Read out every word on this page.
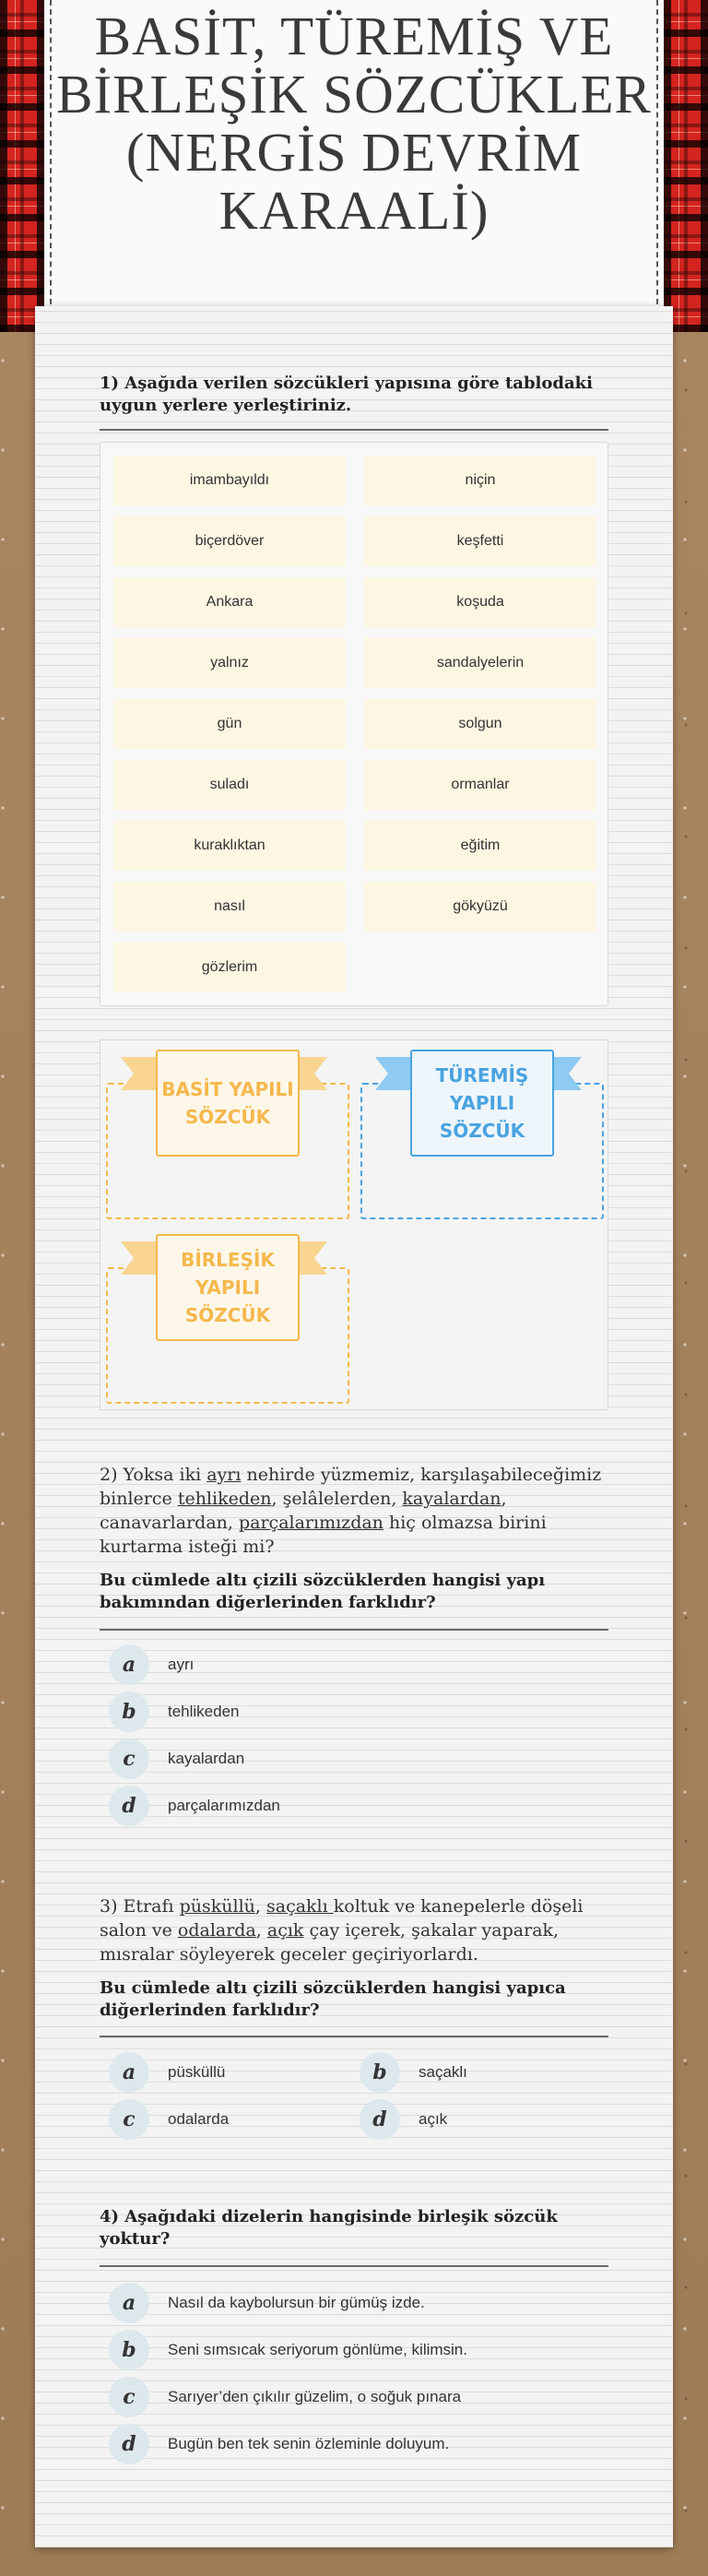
BASİT, TÜREMİŞ VE BİRLEŞİK SÖZCÜKLER (NERGİS DEVRİM KARAALİ)
1) Aşağıda verilen sözcükleri yapısına göre tablodaki uygun yerlere yerleştiriniz.
imambayıldı	niçin
biçerdöver	keşfetti
Ankara	koşuda
yalnız	sandalyelerin
gün	solgun
suladı	ormanlar
kuraklıktan	eğitim
nasıl	gökyüzü
gözlerim
BASİT YAPILI SÖZCÜK
TÜREMİŞ YAPILI SÖZCÜK
BİRLEŞİK YAPILI SÖZCÜK
2) Yoksa iki ayrı nehirde yüzmemiz, karşılaşabileceğimiz binlerce tehlikeden, şelâlelerden, kayalardan, canavarlardan, parçalarımızdan hiç olmazsa birini kurtarma isteği mi?
Bu cümlede altı çizili sözcüklerden hangisi yapı bakımından diğerlerinden farklıdır?
a	ayrı
b	tehlikeden
c	kayalardan
d	parçalarımızdan
3) Etrafı püsküllü, saçaklı koltuk ve kanepelerle döşeli salon ve odalarda, açık çay içerek, şakalar yaparak, mısralar söyleyerek geceler geçiriyorlardı.
Bu cümlede altı çizili sözcüklerden hangisi yapıca diğerlerinden farklıdır?
a	püsküllü	b	saçaklı
c	odalarda	d	açık
4) Aşağıdaki dizelerin hangisinde birleşik sözcük yoktur?
a	Nasıl da kaybolursun bir gümüş izde.
b	Seni sımsıcak seriyorum gönlüme, kilimsin.
c	Sarıyer’den çıkılır güzelim, o soğuk pınara
d	Bugün ben tek senin özleminle doluyum.
